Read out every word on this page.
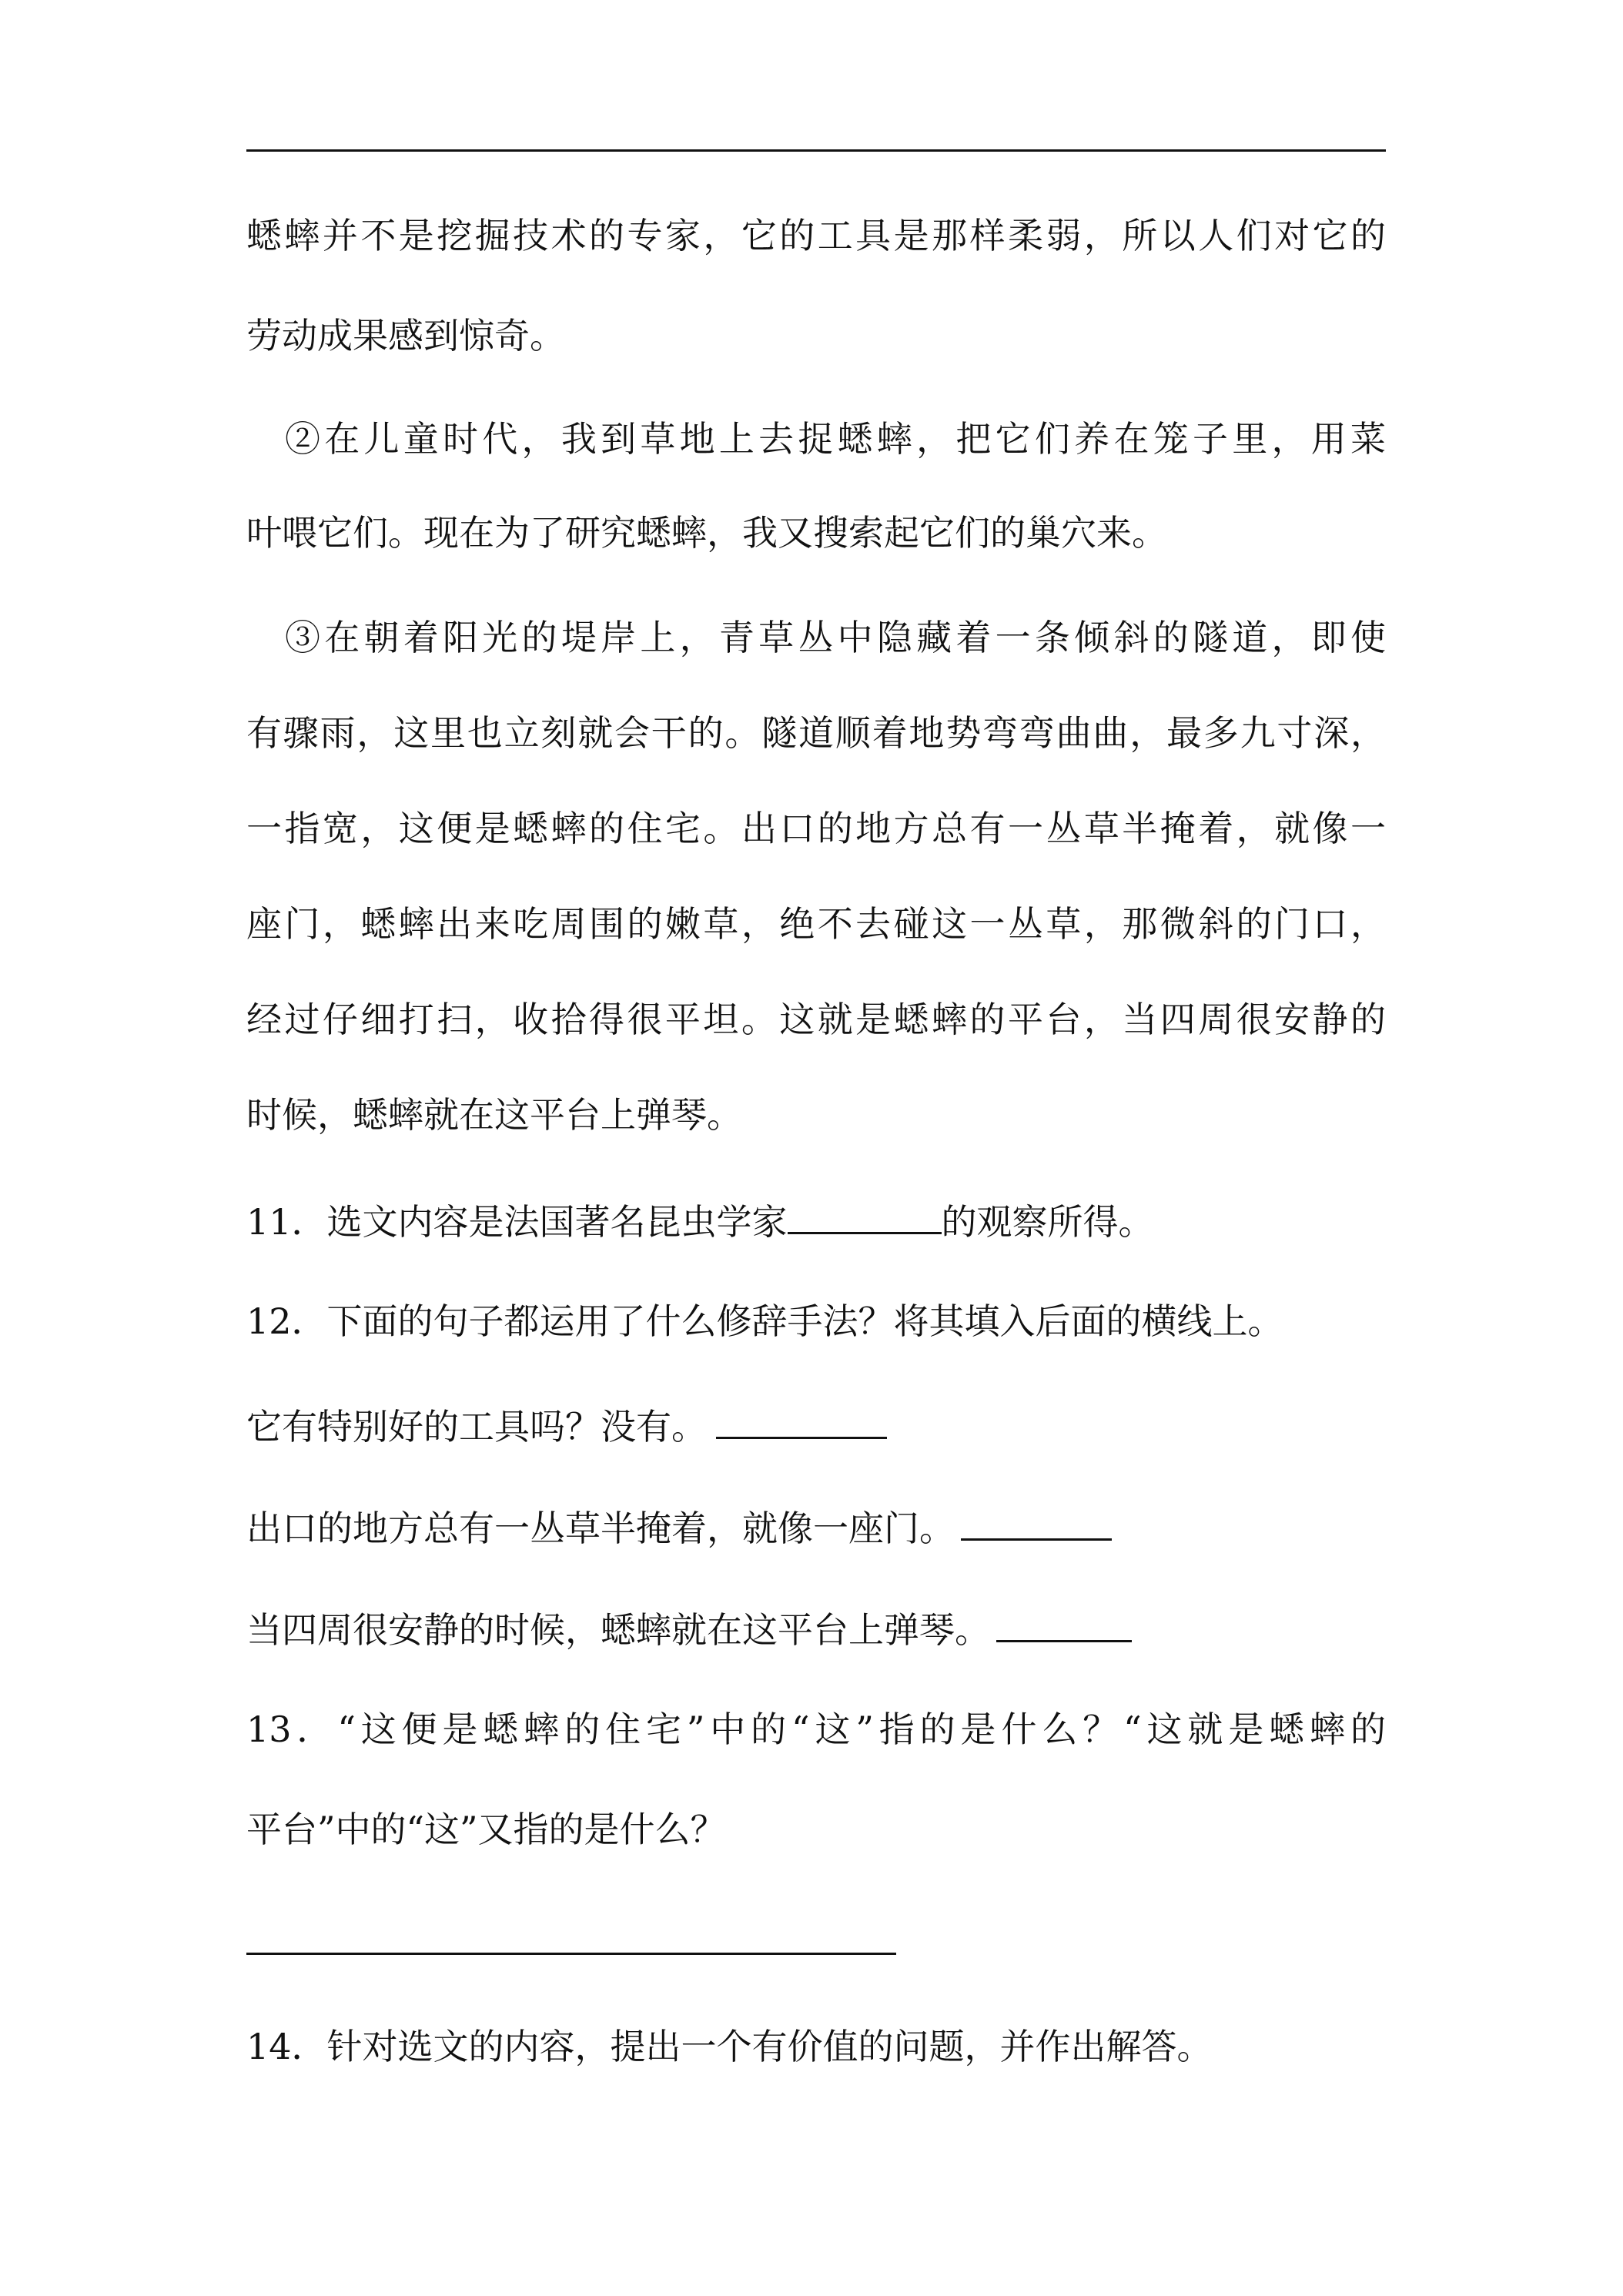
蟋蟀并不是挖掘技术的专家，它的工具是那样柔弱，所以人们对它的
劳动成果感到惊奇。
②在儿童时代，我到草地上去捉蟋蟀，把它们养在笼子里，用菜
叶喂它们。现在为了研究蟋蟀，我又搜索起它们的巢穴来。
③在朝着阳光的堤岸上，青草丛中隐藏着一条倾斜的隧道，即使
有骤雨，这里也立刻就会干的。隧道顺着地势弯弯曲曲，最多九寸深，
一指宽，这便是蟋蟀的住宅。出口的地方总有一丛草半掩着，就像一
座门，蟋蟀出来吃周围的嫩草，绝不去碰这一丛草，那微斜的门口，
经过仔细打扫，收拾得很平坦。这就是蟋蟀的平台，当四周很安静的
时候，蟋蟀就在这平台上弹琴。
11．选文内容是法国著名昆虫学家	的观察所得。
12．下面的句子都运用了什么修辞手法？将其填入后面的横线上。
它有特别好的工具吗？没有。
出口的地方总有一丛草半掩着，就像一座门。
当四周很安静的时候，蟋蟀就在这平台上弹琴。
13．“这便是蟋蟀的住宅”中的“这”指的是什么？“这就是蟋蟀的
平台”中的“这”又指的是什么？
14．针对选文的内容，提出一个有价值的问题，并作出解答。
